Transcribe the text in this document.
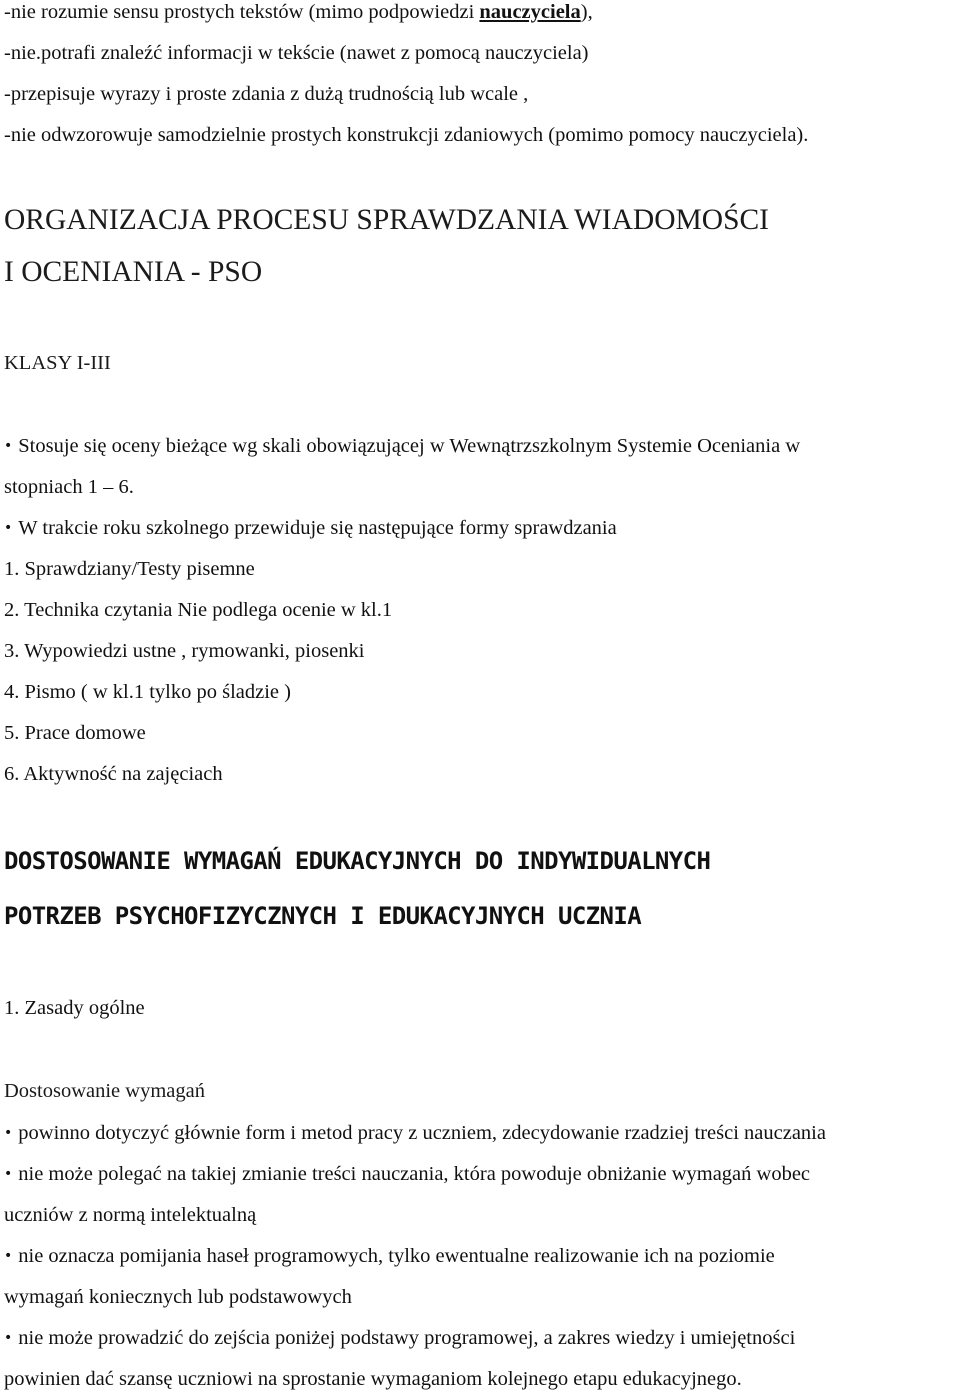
-nie rozumie sensu prostych tekstów (mimo podpowiedzi nauczyciela),
-nie.potrafi znaleźć informacji w tekście (nawet z pomocą nauczyciela)
-przepisuje wyrazy i proste zdania z dużą trudnością lub wcale ,
-nie odwzorowuje samodzielnie prostych konstrukcji zdaniowych (pomimo pomocy nauczyciela).
ORGANIZACJA PROCESU SPRAWDZANIA WIADOMOŚCI
I OCENIANIA - PSO
KLASY I-III
• Stosuje się oceny bieżące wg skali obowiązującej w Wewnątrzszkolnym Systemie Oceniania w
stopniach 1 – 6.
• W trakcie roku szkolnego przewiduje się następujące formy sprawdzania
1. Sprawdziany/Testy pisemne
2. Technika czytania Nie podlega ocenie w kl.1
3. Wypowiedzi ustne , rymowanki, piosenki
4. Pismo ( w kl.1 tylko po śladzie )
5. Prace domowe
6. Aktywność na zajęciach
DOSTOSOWANIE WYMAGAŃ EDUKACYJNYCH DO INDYWIDUALNYCH
POTRZEB PSYCHOFIZYCZNYCH I EDUKACYJNYCH UCZNIA
1. Zasady ogólne
Dostosowanie wymagań
• powinno dotyczyć głównie form i metod pracy z uczniem, zdecydowanie rzadziej treści nauczania
• nie może polegać na takiej zmianie treści nauczania, która powoduje obniżanie wymagań wobec
uczniów z normą intelektualną
• nie oznacza pomijania haseł programowych, tylko ewentualne realizowanie ich na poziomie
wymagań koniecznych lub podstawowych
• nie może prowadzić do zejścia poniżej podstawy programowej, a zakres wiedzy i umiejętności
powinien dać szansę uczniowi na sprostanie wymaganiom kolejnego etapu edukacyjnego.
